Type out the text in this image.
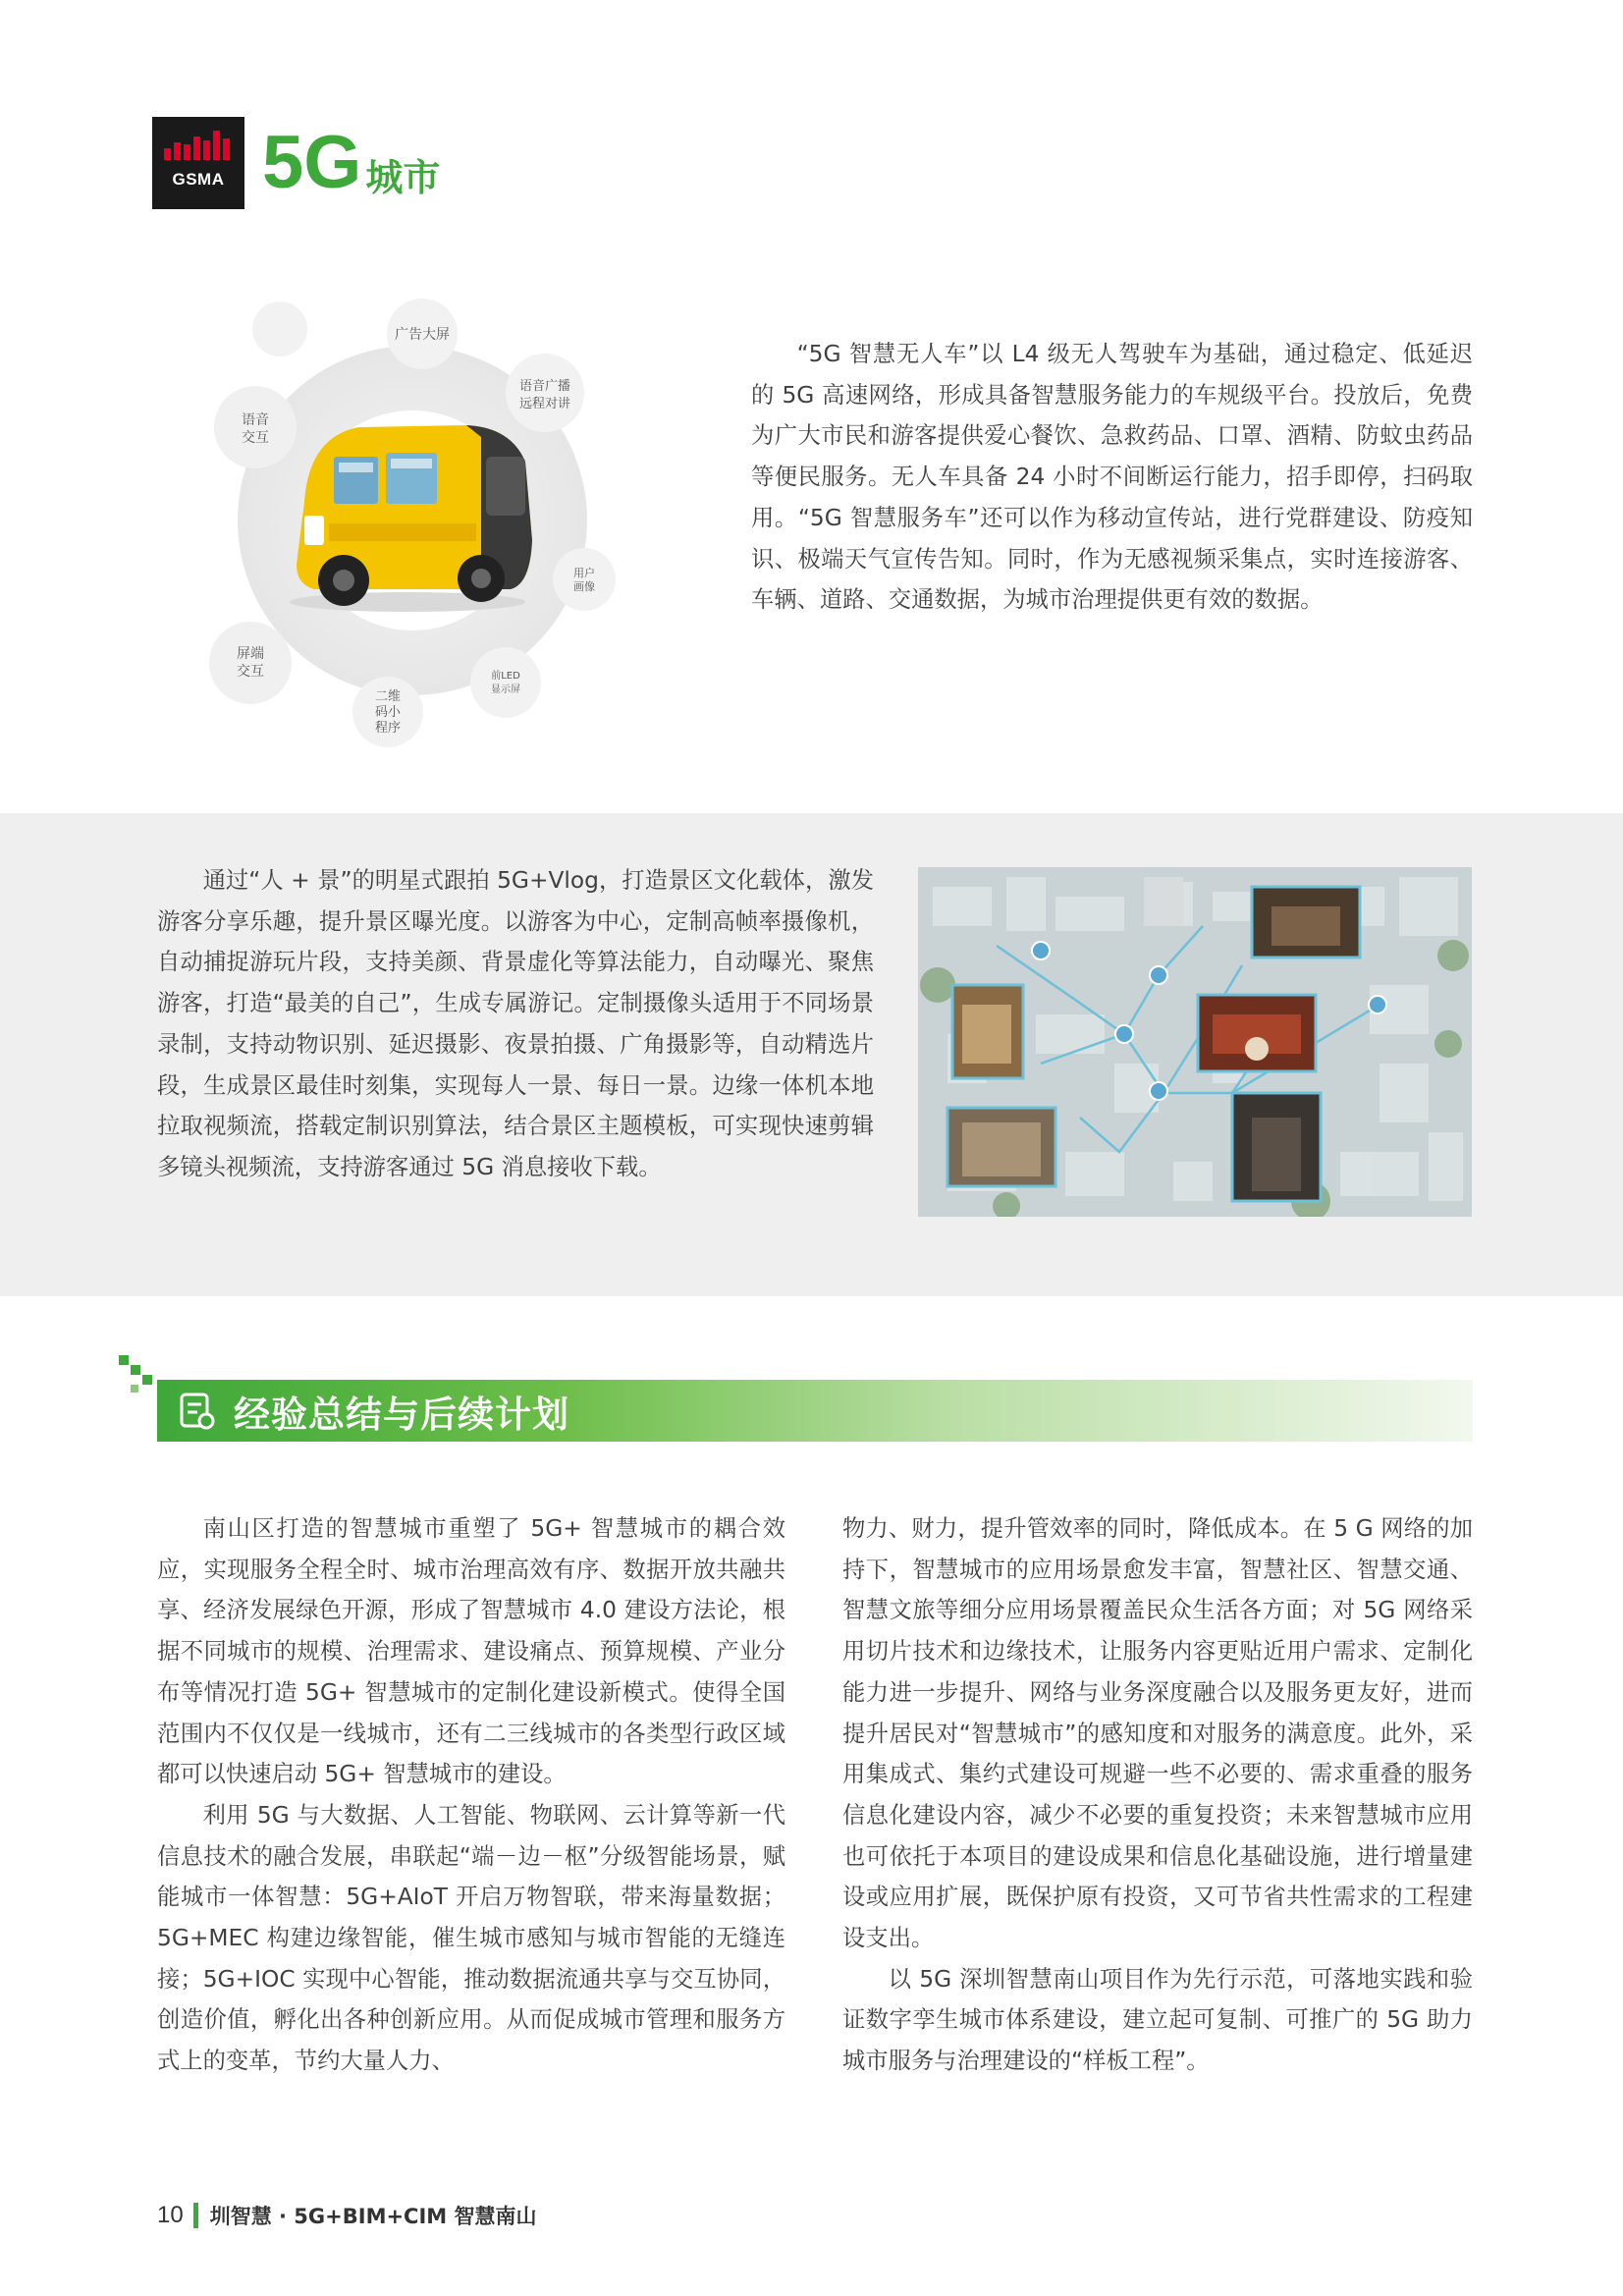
GSMA 5G 城市
广告大屏
语音广播
远程对讲
语音
交互
用户
画像
屏端
交互	前LED
显示屏
二维
码小
程序

“5G 智慧无人车”以 L4 级无人驾驶车为基础，通过稳定、低延迟的 5G 高速网络，形成具备智慧服务能力的车规级平台。投放后，免费为广大市民和游客提供爱心餐饮、急救药品、口罩、酒精、防蚊虫药品等便民服务。无人车具备 24 小时不间断运行能力，招手即停，扫码取用。“5G 智慧服务车”还可以作为移动宣传站，进行党群建设、防疫知识、极端天气宣传告知。同时，作为无感视频采集点，实时连接游客、车辆、道路、交通数据，为城市治理提供更有效的数据。

通过“人 + 景”的明星式跟拍 5G+Vlog，打造景区文化载体，激发游客分享乐趣，提升景区曝光度。以游客为中心，定制高帧率摄像机，自动捕捉游玩片段，支持美颜、背景虚化等算法能力，自动曝光、聚焦游客，打造“最美的自己”，生成专属游记。定制摄像头适用于不同场景录制，支持动物识别、延迟摄影、夜景拍摄、广角摄影等，自动精选片段，生成景区最佳时刻集，实现每人一景、每日一景。边缘一体机本地拉取视频流，搭载定制识别算法，结合景区主题模板，可实现快速剪辑多镜头视频流，支持游客通过 5G 消息接收下载。

经验总结与后续计划

南山区打造的智慧城市重塑了 5G+ 智慧城市的耦合效应，实现服务全程全时、城市治理高效有序、数据开放共融共享、经济发展绿色开源，形成了智慧城市 4.0 建设方法论，根据不同城市的规模、治理需求、建设痛点、预算规模、产业分布等情况打造 5G+ 智慧城市的定制化建设新模式。使得全国范围内不仅仅是一线城市，还有二三线城市的各类型行政区域都可以快速启动 5G+ 智慧城市的建设。

利用 5G 与大数据、人工智能、物联网、云计算等新一代信息技术的融合发展，串联起“端－边－枢”分级智能场景，赋能城市一体智慧：5G+AIoT 开启万物智联，带来海量数据；5G+MEC 构建边缘智能，催生城市感知与城市智能的无缝连接；5G+IOC 实现中心智能，推动数据流通共享与交互协同，创造价值，孵化出各种创新应用。从而促成城市管理和服务方式上的变革，节约大量人力、

物力、财力，提升管效率的同时，降低成本。在 5 G 网络的加持下，智慧城市的应用场景愈发丰富，智慧社区、智慧交通、智慧文旅等细分应用场景覆盖民众生活各方面；对 5G 网络采用切片技术和边缘技术，让服务内容更贴近用户需求、定制化能力进一步提升、网络与业务深度融合以及服务更友好，进而提升居民对“智慧城市”的感知度和对服务的满意度。此外，采用集成式、集约式建设可规避一些不必要的、需求重叠的服务信息化建设内容，减少不必要的重复投资；未来智慧城市应用也可依托于本项目的建设成果和信息化基础设施，进行增量建设或应用扩展，既保护原有投资，又可节省共性需求的工程建设支出。

以 5G 深圳智慧南山项目作为先行示范，可落地实践和验证数字孪生城市体系建设，建立起可复制、可推广的 5G 助力城市服务与治理建设的“样板工程”。

10 圳智慧 · 5G+BIM+CIM 智慧南山
